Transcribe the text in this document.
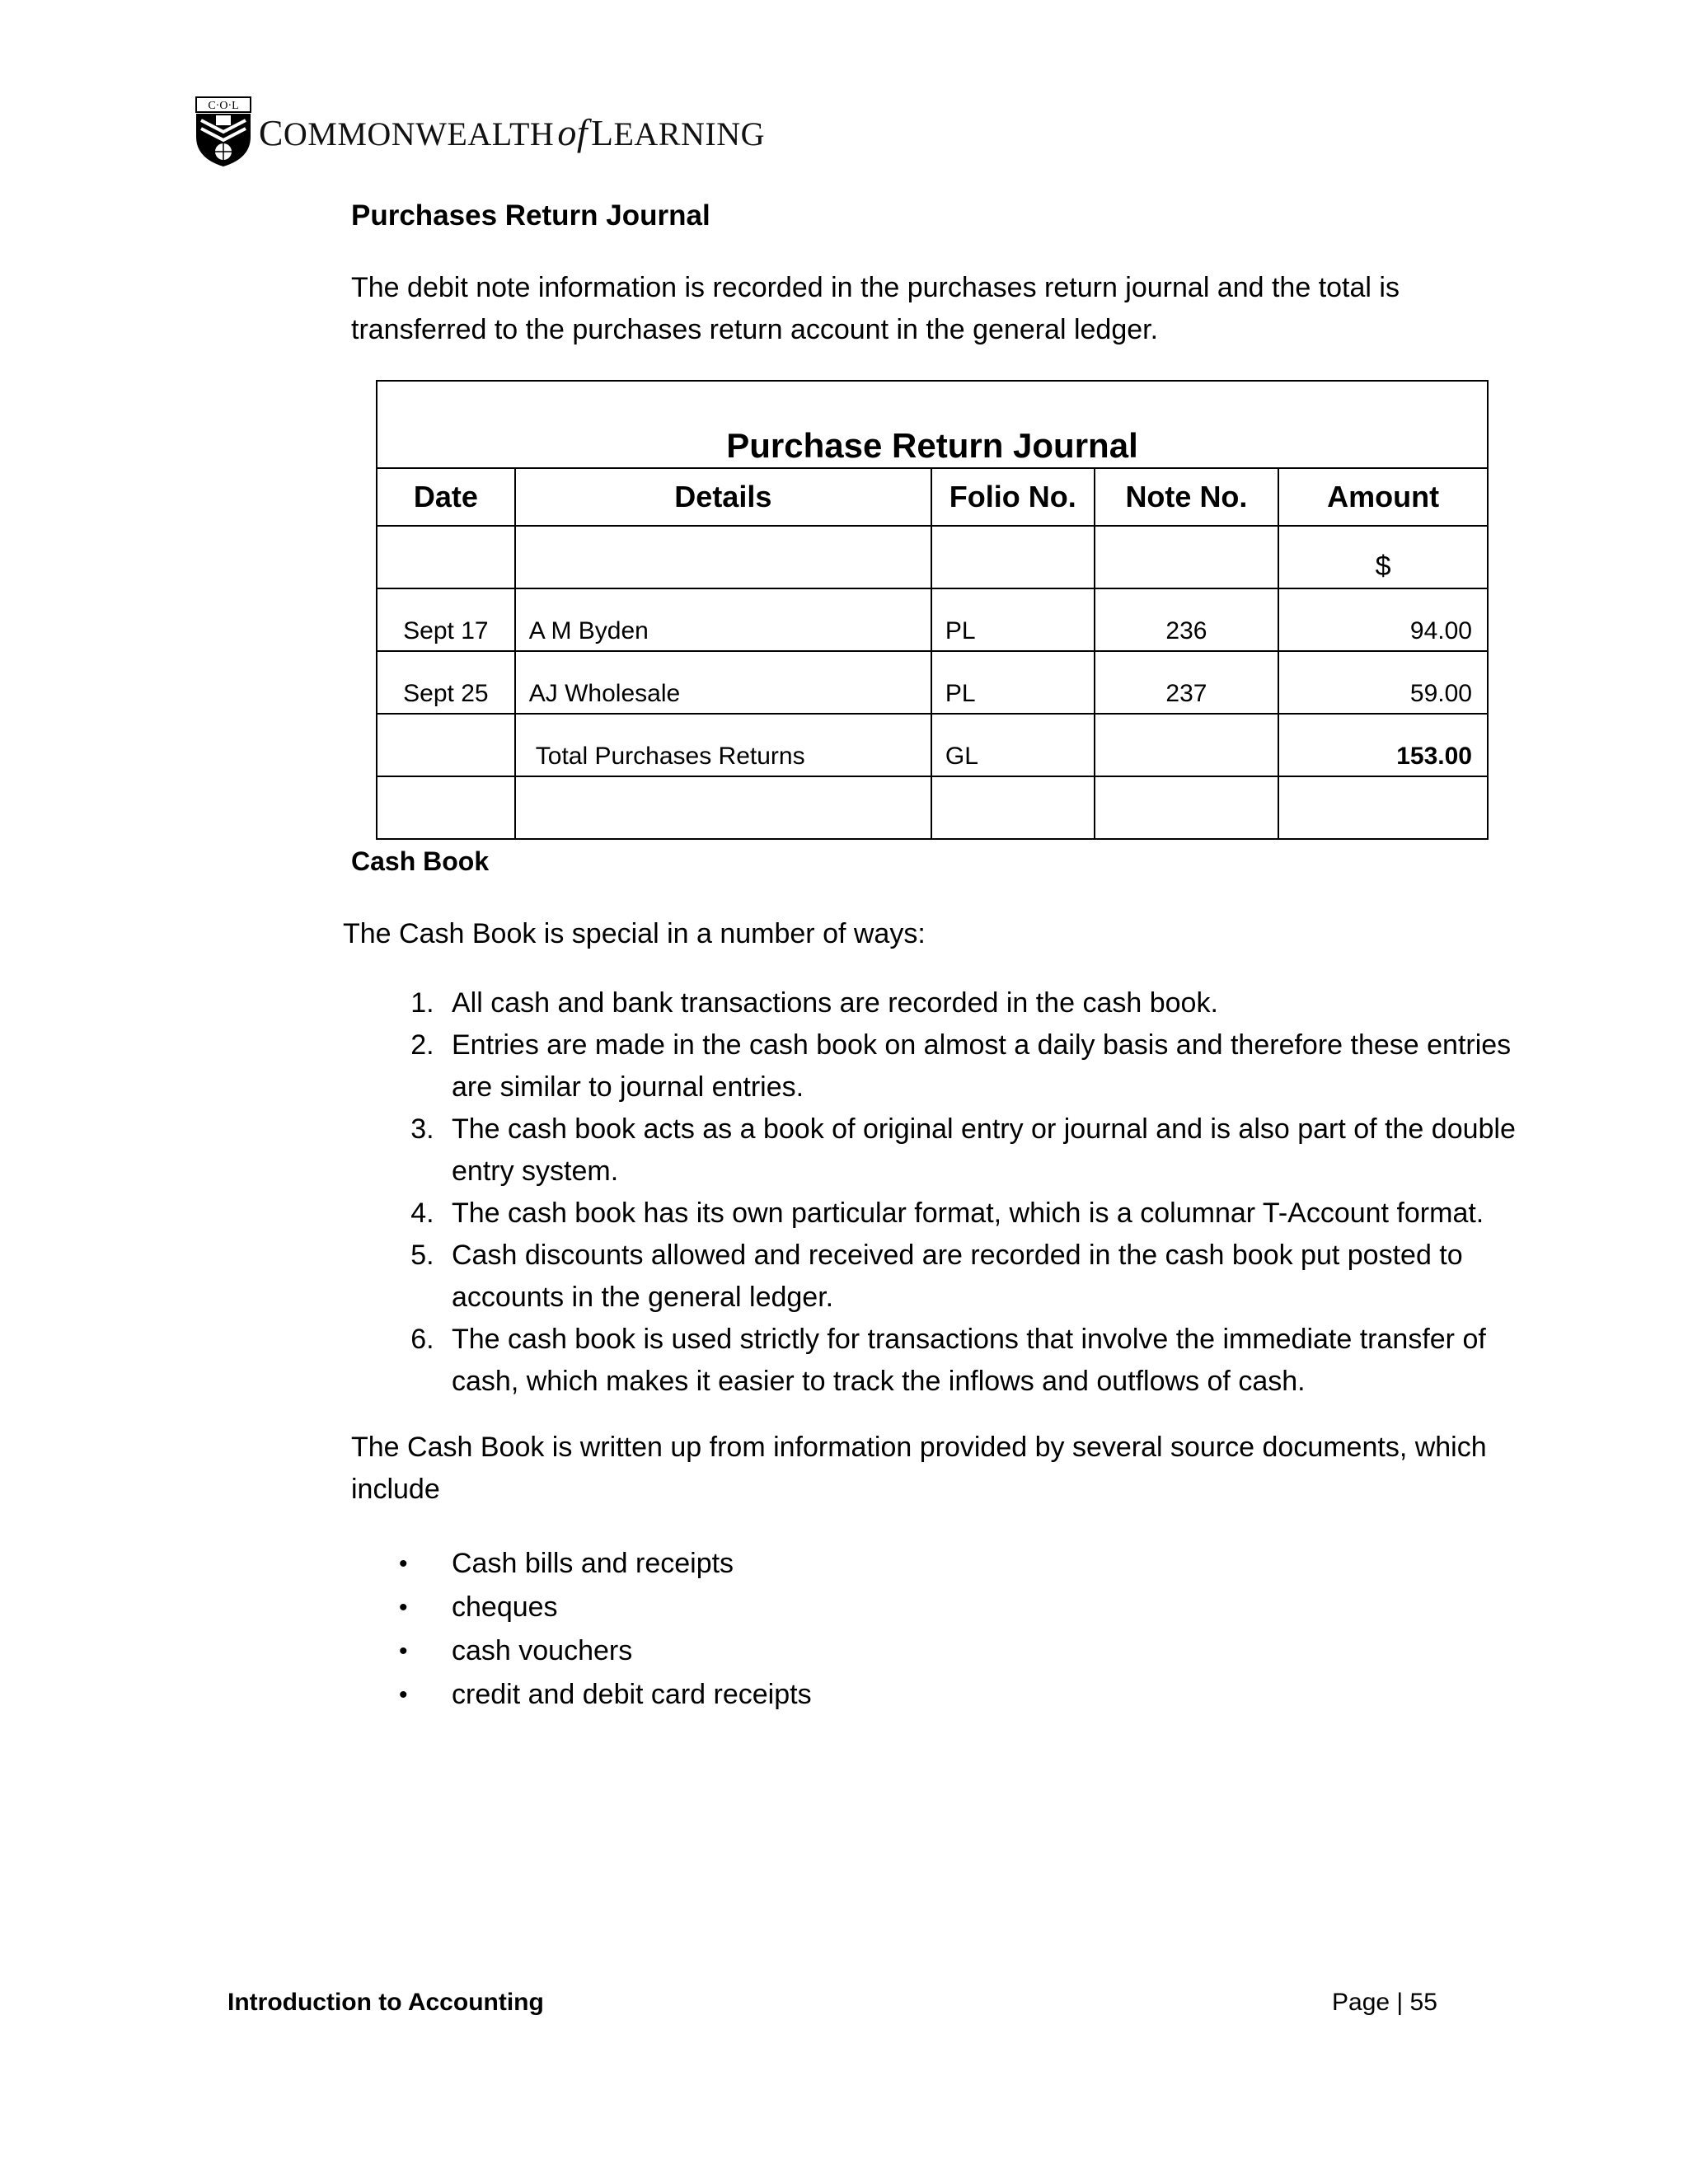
C·O·L
COMMONWEALTHofLEARNING
Purchases Return Journal
The debit note information is recorded in the purchases return journal and the total is transferred to the purchases return account in the general ledger.
Purchase Return Journal				
Date	Details	Folio No.	Note No.	Amount
				$
Sept 17	A M Byden	PL	236	94.00
Sept 25	AJ Wholesale	PL	237	59.00
	Total Purchases Returns	GL		153.00

Cash Book
The Cash Book is special in a number of ways:
1. All cash and bank transactions are recorded in the cash book.
2. Entries are made in the cash book on almost a daily basis and therefore these entries are similar to journal entries.
3. The cash book acts as a book of original entry or journal and is also part of the double entry system.
4. The cash book has its own particular format, which is a columnar T-Account format.
5. Cash discounts allowed and received are recorded in the cash book put posted to accounts in the general ledger.
6. The cash book is used strictly for transactions that involve the immediate transfer of cash, which makes it easier to track the inflows and outflows of cash.
The Cash Book is written up from information provided by several source documents, which include
• Cash bills and receipts
• cheques
• cash vouchers
• credit and debit card receipts
Introduction to Accounting	Page | 55
